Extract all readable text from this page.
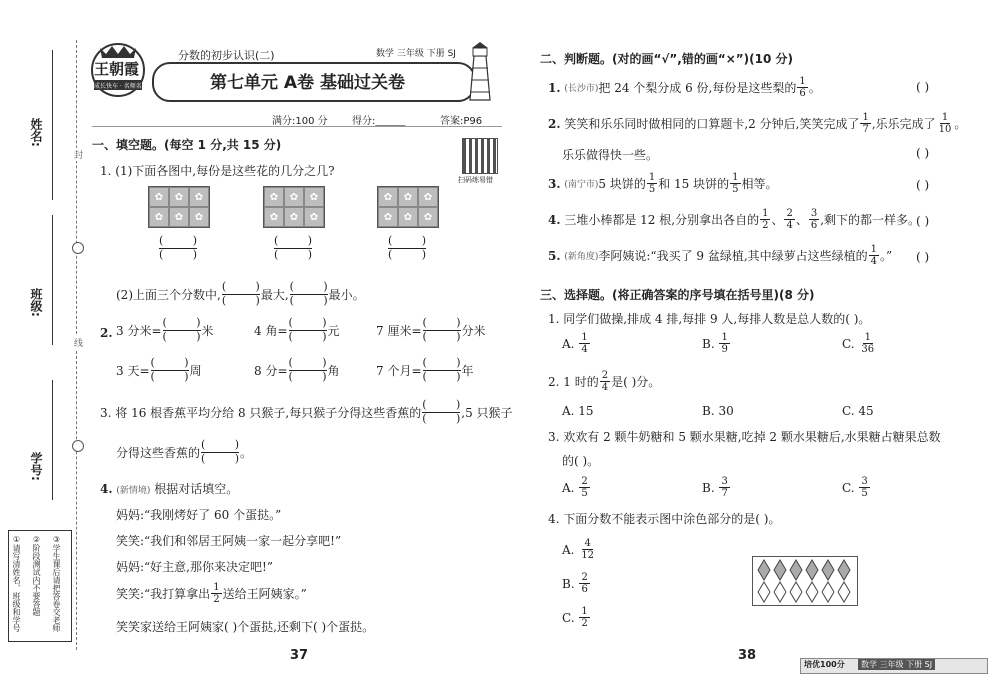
姓名:
班级:
学号:
封
线
①请写清姓名、班级和学号 ②阶段测试内不要答题 ③学生课后请把答卷交老师
王朝霞
成长快车 · 名师名卷
分数的初步认识(二)	数学 三年级 下册 SJ
第七单元 A卷 基础过关卷
满分:100 分 得分:______	答案:P96
扫码练易错
一、填空题。(每空 1 分,共 15 分)
1. (1)下面各图中,每份是这些花的几分之几?
✿	✿	✿
✿	✿	✿
✿	✿	✿
✿	✿	✿
✿	✿	✿
✿	✿	✿
( )
( )
( )
( )
( )
( )
(2)上面三个分数中, ( ) ( )	最大, ( ) ( )	最小。
2. 3 分米= ( ) ( )	米	4 角= ( ) ( )	元	7 厘米= ( ) ( )	分米
3 天= ( ) ( )	周	8 分= ( ) ( )	角	7 个月= ( ) ( )	年
3. 将 16 根香蕉平均分给 8 只猴子,每只猴子分得这些香蕉的 ( ) ( )	,5 只猴子
分得这些香蕉的 ( ) ( )	。
4. (新情境) 根据对话填空。
妈妈:“我刚烤好了 60 个蛋挞。”
笑笑:“我们和邻居王阿姨一家一起分享吧!”
妈妈:“好主意,那你来决定吧!”
笑笑:“我打算拿出 $\frac{1}{2}$ 送给王阿姨家。”
笑笑家送给王阿姨家( )个蛋挞,还剩下( )个蛋挞。
37
二、判断题。(对的画“√”,错的画“×”)(10 分)
1.
(长沙市) 把 24 个梨分成 6 份,每份是这些梨的 $\frac{1}{6}$ 。	( )
2.
笑笑和乐乐同时做相同的口算题卡,2 分钟后,笑笑完成了 $\frac{1}{7}$ ,乐乐完成了 $\frac{1}{10}$ 。
乐乐做得快一些。	( )
3.
(南宁市) 5 块饼的 $\frac{1}{5}$ 和 15 块饼的 $\frac{1}{5}$ 相等。	( )
4.
三堆小棒都是 12 根,分别拿出各自的 $\frac{1}{2}$ 、 $\frac{2}{4}$ 、 $\frac{3}{6}$ ,剩下的都一样多。
( )
5.
(新角度) 李阿姨说:“我买了 9 盆绿植,其中绿萝占这些绿植的 $\frac{1}{4}$ 。” ( )
三、选择题。(将正确答案的序号填在括号里)(8 分)
1. 同学们做操,排成 4 排,每排 9 人,每排人数是总人数的( )。
A.
$\frac{1}{4}$	B.
$\frac{1}{9}$	C.
$\frac{1}{36}$
2. 1 时的 $\frac{2}{4}$ 是( )分。
A. 15	B. 30	C. 45
3. 欢欢有 2 颗牛奶糖和 5 颗水果糖,吃掉 2 颗水果糖后,水果糖占糖果总数
的( )。
A.
$\frac{2}{5}$	B.
$\frac{3}{7}$	C.
$\frac{3}{5}$
4. 下面分数不能表示图中涂色部分的是( )。
A.
$\frac{4}{12}$
B.
$\frac{2}{6}$
C.
$\frac{1}{2}$
38
培优100分	数学 三年级 下册 SJ
